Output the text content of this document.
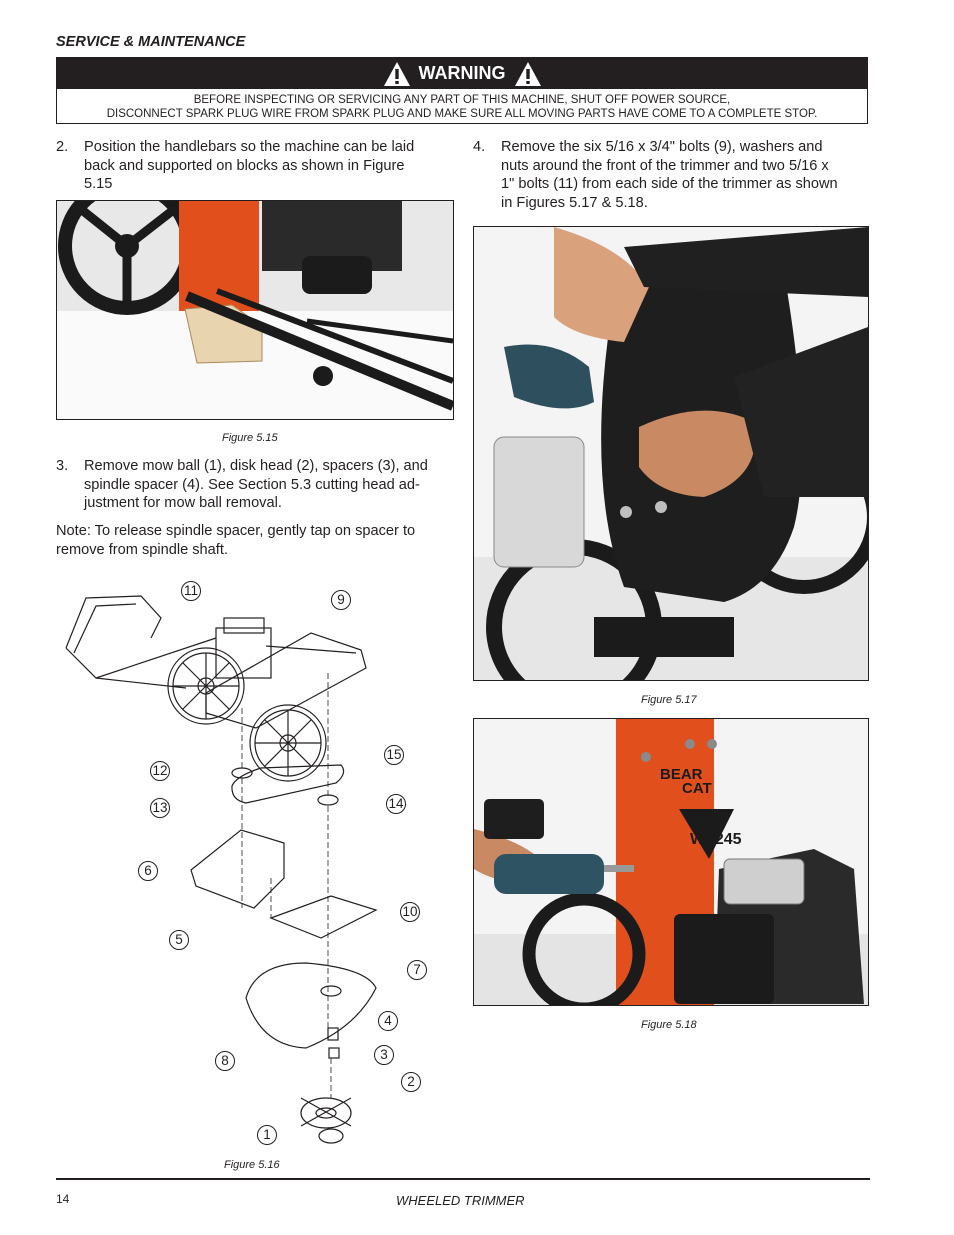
SERVICE & MAINTENANCE
WARNING
BEFORE INSPECTING OR SERVICING ANY PART OF THIS MACHINE, SHUT OFF POWER SOURCE,
DISCONNECT SPARK PLUG WIRE FROM SPARK PLUG AND MAKE SURE ALL MOVING PARTS HAVE COME TO A COMPLETE STOP.
2. Position the handlebars so the machine can be laid
back and supported on blocks as shown in Figure
5.15
Figure 5.15
3. Remove mow ball (1), disk head (2), spacers (3), and
spindle spacer (4). See Section 5.3 cutting head ad-
justment for mow ball removal.
Note: To release spindle spacer, gently tap on spacer to
remove from spindle shaft.
11
9
15
12
13	14
6
10
5
7
4
8	3
2
1
Figure 5.16
4. Remove the six 5/16 x 3/4" bolts (9), washers and
nuts around the front of the trimmer and two 5/16 x
1" bolts (11) from each side of the trimmer as shown
in Figures 5.17 & 5.18.
Figure 5.17
BEAR
CAT
WT245
Figure 5.18
14	WHEELED TRIMMER
